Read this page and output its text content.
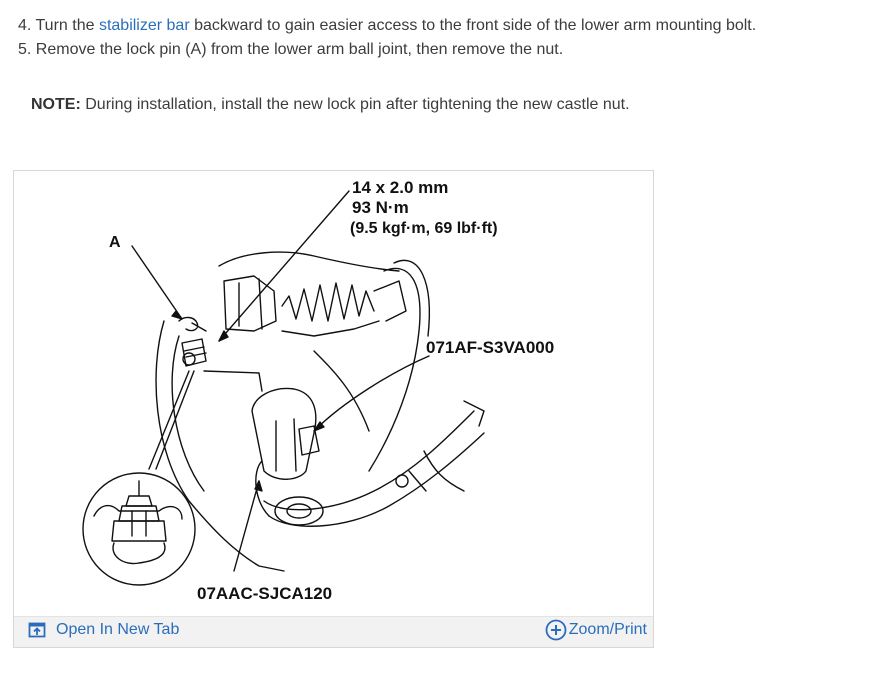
4. Turn the stabilizer bar backward to gain easier access to the front side of the lower arm mounting bolt.
5. Remove the lock pin (A) from the lower arm ball joint, then remove the nut.
NOTE: During installation, install the new lock pin after tightening the new castle nut.
A
14 x 2.0 mm
93 N·m
(9.5 kgf·m, 69 lbf·ft)
071AF-S3VA000
07AAC-SJCA120
Open In New Tab	Zoom/Print
